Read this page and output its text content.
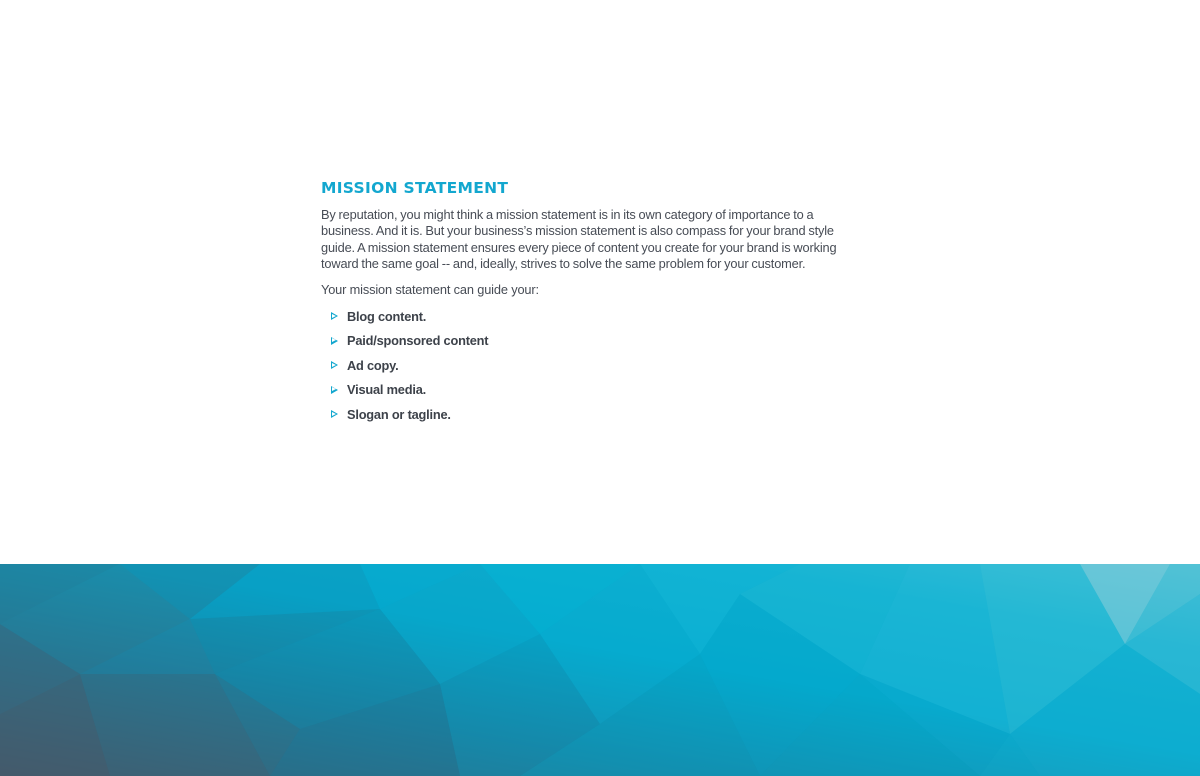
MISSION STATEMENT

By reputation, you might think a mission statement is in its own category of importance to a business. And it is. But your business’s mission statement is also compass for your brand style guide. A mission statement ensures every piece of content you create for your brand is working toward the same goal -- and, ideally, strives to solve the same problem for your customer.

Your mission statement can guide your:

Blog content.
Paid/sponsored content
Ad copy.
Visual media.
Slogan or tagline.
